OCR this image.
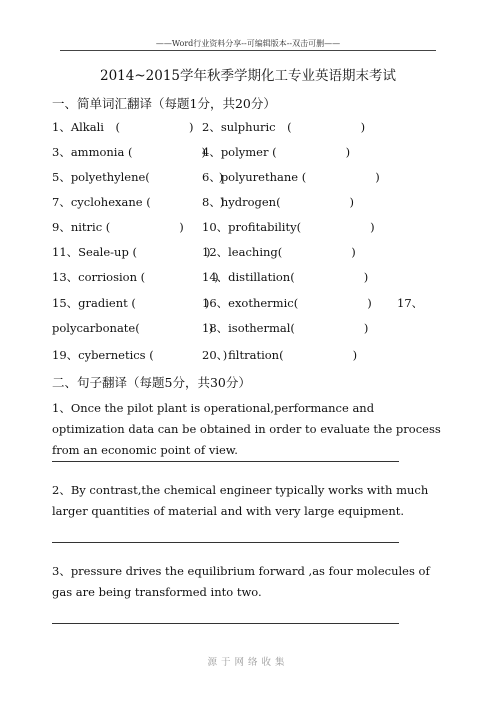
——Word行业资料分享--可编辑版本--双击可删——
2014~2015学年秋季学期化工专业英语期末考试
一、简单词汇翻译（每题1分，共20分）
1、Alkali　(　　　　　　) 2、sulphuric　(　　　　　　)
3、ammonia (　　　　　　)
4、polymer (　　　　　　)
5、polyethylene(　　　　　　)
6、polyurethane (　　　　　　)
7、cyclohexane (　　　　　　)
8、hydrogen(　　　　　　)
9、nitric (　　　　　　) 10、profitability(　　　　　　)
11、Seale-up (　　　　　　)
12、leaching(　　　　　　)
13、corriosion (　　　　　　)
14、distillation(　　　　　　)
15、gradient (　　　　　　)
16、exothermic(　　　　　　) 17、
polycarbonate(　　　　　　)
18、isothermal(　　　　　　)
19、cybernetics (　　　　　　)
20、filtration(　　　　　　)
二、句子翻译（每题5分，共30分）
1、Once the pilot plant is operational,performance and optimization data can be obtained in order to evaluate the process from an economic point of view.
2、By contrast,the chemical engineer typically works with much larger quantities of material and with very large equipment.
3、pressure drives the equilibrium forward ,as four molecules of gas are being transformed into two.
源于网络收集
